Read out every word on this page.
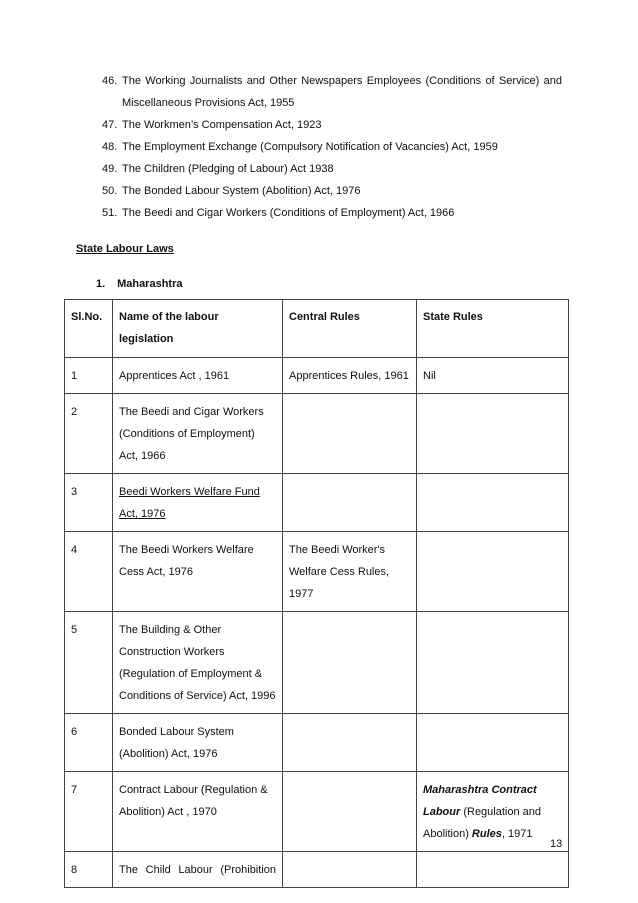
46. The Working Journalists and Other Newspapers Employees (Conditions of Service) and
Miscellaneous Provisions Act, 1955
47. The Workmen’s Compensation Act, 1923
48. The Employment Exchange (Compulsory Notification of Vacancies) Act, 1959
49. The Children (Pledging of Labour) Act 1938
50. The Bonded Labour System (Abolition) Act, 1976
51. The Beedi and Cigar Workers (Conditions of Employment) Act, 1966
State Labour Laws
1. Maharashtra
Sl.No.	Name of the labour legislation	Central Rules	State Rules
1	Apprentices Act , 1961	Apprentices Rules, 1961	Nil
2	The Beedi and Cigar Workers (Conditions of Employment) Act, 1966		
3	Beedi Workers Welfare Fund Act, 1976		
4	The Beedi Workers Welfare Cess Act, 1976	The Beedi Worker's Welfare Cess Rules, 1977	
5	The Building & Other Construction Workers (Regulation of Employment & Conditions of Service) Act, 1996		
6	Bonded Labour System (Abolition) Act, 1976		
7	Contract Labour (Regulation & Abolition) Act , 1970		Maharashtra Contract Labour (Regulation and Abolition) Rules, 1971
8	The Child Labour (Prohibition		
13
